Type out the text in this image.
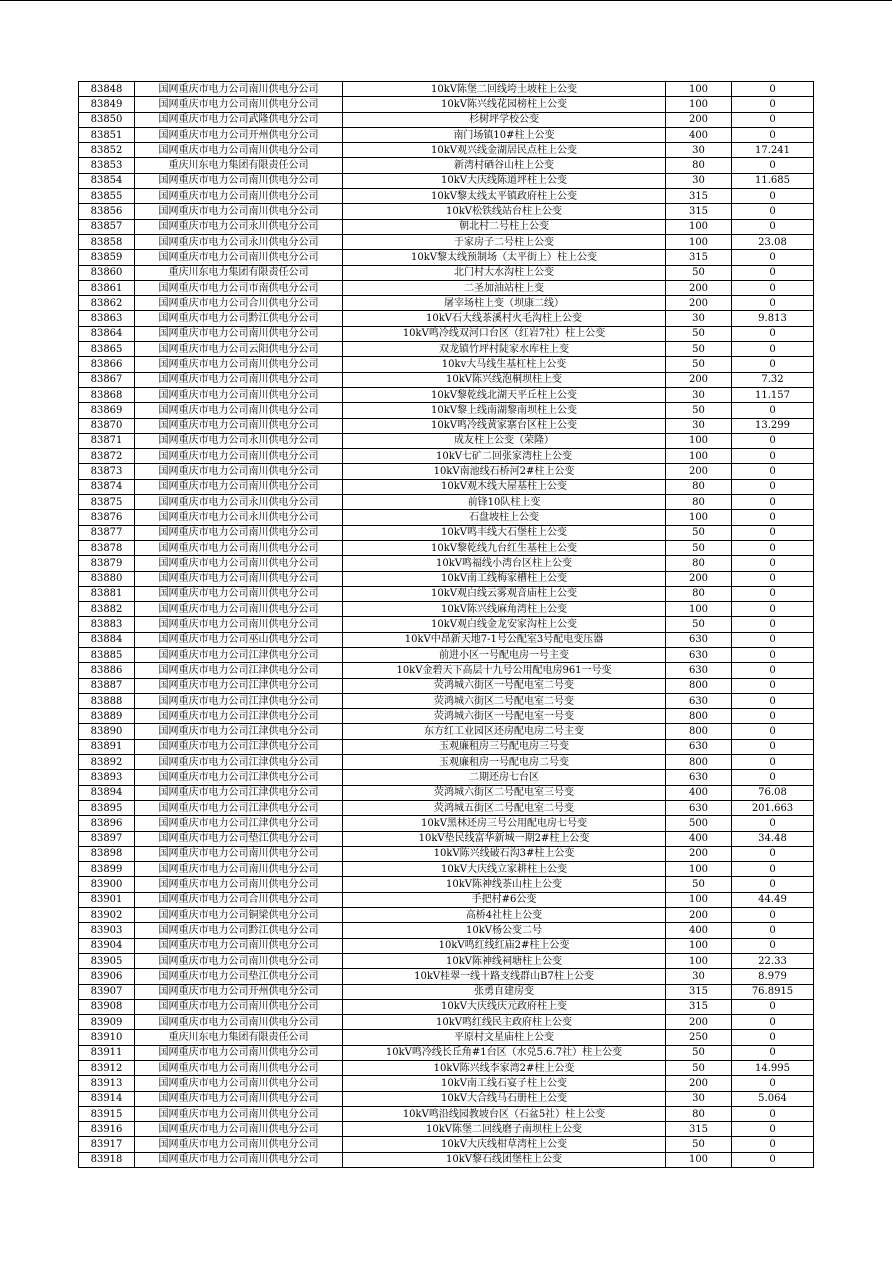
83848	国网重庆市电力公司南川供电分公司	10kV陈堡二回线垮土坡柱上公变	100	0
83849	国网重庆市电力公司南川供电分公司	10kV陈兴线花园榜柱上公变	100	0
83850	国网重庆市电力公司武隆供电分公司	杉树坪学校公变	200	0
83851	国网重庆市电力公司开州供电分公司	南门场镇10#柱上公变	400	0
83852	国网重庆市电力公司南川供电分公司	10kV观兴线金湖居民点柱上公变	30	17.241
83853	重庆川东电力集团有限责任公司	新湾村硒谷山柱上公变	80	0
83854	国网重庆市电力公司南川供电分公司	10kV大庆线陈道坪柱上公变	30	11.685
83855	国网重庆市电力公司南川供电分公司	10kV黎太线太平镇政府柱上公变	315	0
83856	国网重庆市电力公司南川供电分公司	10kV松铁线站台柱上公变	315	0
83857	国网重庆市电力公司永川供电分公司	朝北村二号柱上公变	100	0
83858	国网重庆市电力公司永川供电分公司	于家房子二号柱上公变	100	23.08
83859	国网重庆市电力公司南川供电分公司	10kV黎太线预制场（太平街上）柱上公变	315	0
83860	重庆川东电力集团有限责任公司	北门村大水沟柱上公变	50	0
83861	国网重庆市电力公司市南供电分公司	二圣加油站柱上变	200	0
83862	国网重庆市电力公司合川供电分公司	屠宰场柱上变（坝康二线）	200	0
83863	国网重庆市电力公司黔江供电分公司	10kV石大线茶溪村火毛沟柱上公变	30	9.813
83864	国网重庆市电力公司南川供电分公司	10kV鸣冷线双河口台区（红岩7社）柱上公变	50	0
83865	国网重庆市电力公司云阳供电分公司	双龙镇竹坪村陡家水库柱上变	50	0
83866	国网重庆市电力公司南川供电分公司	10kv大马线生基杠柱上公变	50	0
83867	国网重庆市电力公司南川供电分公司	10kV陈兴线泡桐坝柱上变	200	7.32
83868	国网重庆市电力公司南川供电分公司	10kV黎乾线北湖天平丘柱上公变	30	11.157
83869	国网重庆市电力公司南川供电分公司	10kV黎上线南湖黎南坝柱上公变	50	0
83870	国网重庆市电力公司南川供电分公司	10kV鸣冷线黄家寨台区柱上公变	30	13.299
83871	国网重庆市电力公司永川供电分公司	成友柱上公变（荣隆）	100	0
83872	国网重庆市电力公司南川供电分公司	10kV七矿二回张家湾柱上公变	100	0
83873	国网重庆市电力公司南川供电分公司	10kV南池线石桥河2#柱上公变	200	0
83874	国网重庆市电力公司南川供电分公司	10kV观木线大屋基柱上公变	80	0
83875	国网重庆市电力公司永川供电分公司	前锋10队柱上变	80	0
83876	国网重庆市电力公司永川供电分公司	石盘坡柱上公变	100	0
83877	国网重庆市电力公司南川供电分公司	10kV鸣丰线大石堡柱上公变	50	0
83878	国网重庆市电力公司南川供电分公司	10kV黎乾线九台红生基柱上公变	50	0
83879	国网重庆市电力公司南川供电分公司	10kV鸣福线小湾台区柱上公变	80	0
83880	国网重庆市电力公司南川供电分公司	10kV南工线梅家槽柱上公变	200	0
83881	国网重庆市电力公司南川供电分公司	10kV观白线云雾观音庙柱上公变	80	0
83882	国网重庆市电力公司南川供电分公司	10kV陈兴线麻角湾柱上公变	100	0
83883	国网重庆市电力公司南川供电分公司	10kV观白线金龙安家沟柱上公变	50	0
83884	国网重庆市电力公司巫山供电分公司	10kV中昂新天地7-1号公配室3号配电变压器	630	0
83885	国网重庆市电力公司江津供电分公司	前进小区一号配电房一号主变	630	0
83886	国网重庆市电力公司江津供电分公司	10kV金碧天下高层十九号公用配电房961一号变	630	0
83887	国网重庆市电力公司江津供电分公司	荧鸿城六街区一号配电室二号变	800	0
83888	国网重庆市电力公司江津供电分公司	荧鸿城六街区二号配电室二号变	630	0
83889	国网重庆市电力公司江津供电分公司	荧鸿城六街区一号配电室一号变	800	0
83890	国网重庆市电力公司江津供电分公司	东方红工业园区还房配电房二号主变	800	0
83891	国网重庆市电力公司江津供电分公司	玉观廉租房三号配电房三号变	630	0
83892	国网重庆市电力公司江津供电分公司	玉观廉租房一号配电房二号变	800	0
83893	国网重庆市电力公司江津供电分公司	二期还房七台区	630	0
83894	国网重庆市电力公司江津供电分公司	荧鸿城六街区二号配电室三号变	400	76.08
83895	国网重庆市电力公司江津供电分公司	荧鸿城五街区二号配电室二号变	630	201.663
83896	国网重庆市电力公司江津供电分公司	10kV黑林还房三号公用配电房七号变	500	0
83897	国网重庆市电力公司垫江供电分公司	10kV垫民线富华新城一期2#柱上公变	400	34.48
83898	国网重庆市电力公司南川供电分公司	10kV陈兴线破石沟3#柱上公变	200	0
83899	国网重庆市电力公司南川供电分公司	10kV大庆线立家耕柱上公变	100	0
83900	国网重庆市电力公司南川供电分公司	10kV陈神线茶山柱上公变	50	0
83901	国网重庆市电力公司合川供电分公司	手把村#6公变	100	44.49
83902	国网重庆市电力公司铜梁供电分公司	高桥4社柱上公变	200	0
83903	国网重庆市电力公司黔江供电分公司	10kV杨公变二号	400	0
83904	国网重庆市电力公司南川供电分公司	10kV鸣红线红庙2#柱上公变	100	0
83905	国网重庆市电力公司南川供电分公司	10kV陈神线祠塘柱上公变	100	22.33
83906	国网重庆市电力公司垫江供电分公司	10kV桂翠一线十路支线群山B7柱上公变	30	8.979
83907	国网重庆市电力公司开州供电分公司	张勇自建房变	315	76.8915
83908	国网重庆市电力公司南川供电分公司	10kV大庆线庆元政府柱上变	315	0
83909	国网重庆市电力公司南川供电分公司	10kV鸣红线民主政府柱上公变	200	0
83910	重庆川东电力集团有限责任公司	平原村文星庙柱上公变	250	0
83911	国网重庆市电力公司南川供电分公司	10kV鸣冷线长丘角#1台区（水兑5.6.7社）柱上公变	50	0
83912	国网重庆市电力公司南川供电分公司	10kV陈兴线李家湾2#柱上公变	50	14.995
83913	国网重庆市电力公司南川供电分公司	10kV南工线石宴子柱上公变	200	0
83914	国网重庆市电力公司南川供电分公司	10kV大合线马石册柱上公变	30	5.064
83915	国网重庆市电力公司南川供电分公司	10kV鸣沿线园教坡台区（石盆5社）柱上公变	80	0
83916	国网重庆市电力公司南川供电分公司	10kV陈堡二回线磨子南坝柱上公变	315	0
83917	国网重庆市电力公司南川供电分公司	10kV大庆线柑草湾柱上公变	50	0
83918	国网重庆市电力公司南川供电分公司	10kV黎石线团堡柱上公变	100	0
